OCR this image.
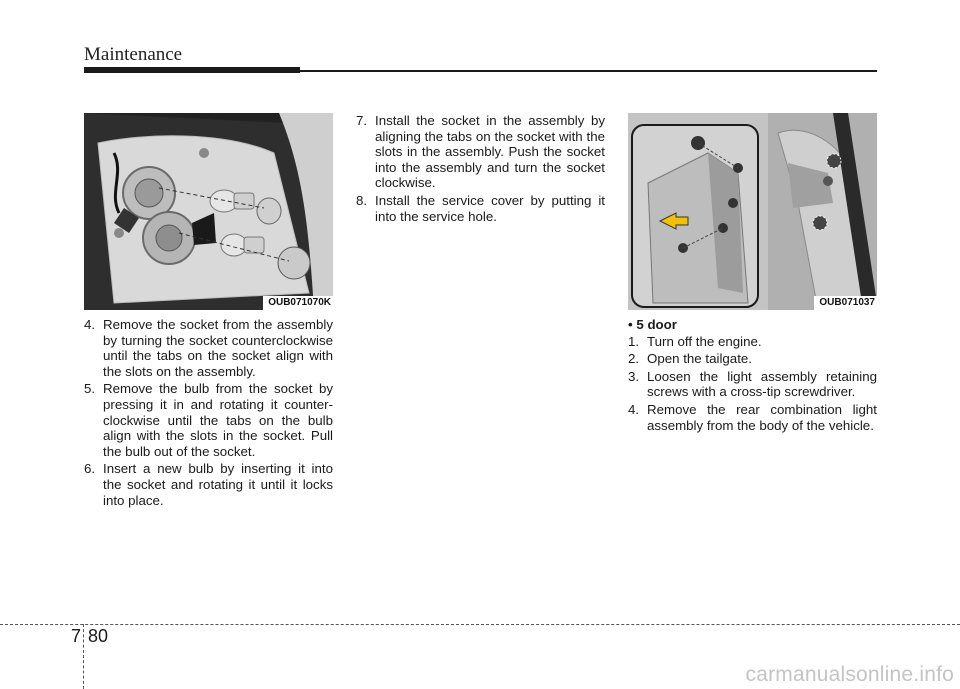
Maintenance
OUB071070K	OUB071037
4. Remove the socket from the assembly by turning the socket counterclockwise until the tabs on the socket align with the slots on the assembly.
5. Remove the bulb from the socket by pressing it in and rotating it counter-clockwise until the tabs on the bulb align with the slots in the socket. Pull the bulb out of the socket.
6. Insert a new bulb by inserting it into the socket and rotating it until it locks into place.
7. Install the socket in the assembly by aligning the tabs on the socket with the slots in the assembly. Push the socket into the assembly and turn the socket clockwise.
8. Install the service cover by putting it into the service hole.
• 5 door
1. Turn off the engine.
2. Open the tailgate.
3. Loosen the light assembly retaining screws with a cross-tip screwdriver.
4. Remove the rear combination light assembly from the body of the vehicle.
7 80
carmanualsonline.info
